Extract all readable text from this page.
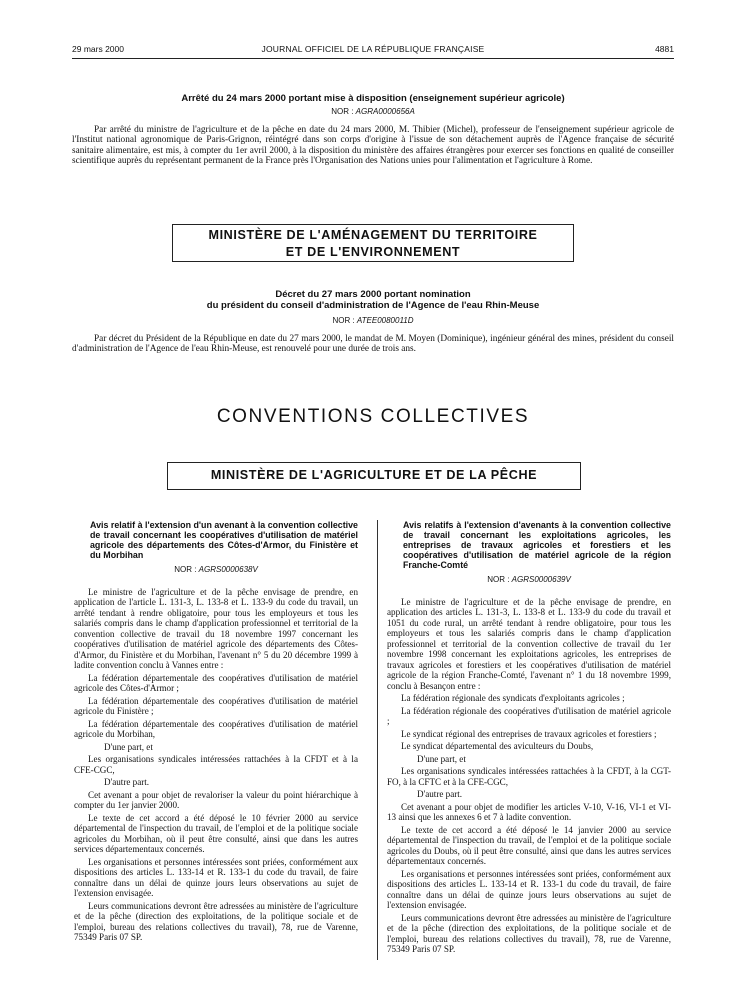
29 mars 2000	JOURNAL OFFICIEL DE LA RÉPUBLIQUE FRANÇAISE	4881
Arrêté du 24 mars 2000 portant mise à disposition (enseignement supérieur agricole)
NOR : AGRA0000656A

Par arrêté du ministre de l'agriculture et de la pêche en date du 24 mars 2000, M. Thibier (Michel), professeur de l'enseignement supérieur agricole de l'Institut national agronomique de Paris-Grignon, réintégré dans son corps d'origine à l'issue de son détachement auprès de l'Agence française de sécurité sanitaire alimentaire, est mis, à compter du 1er avril 2000, à la disposition du ministère des affaires étrangères pour exercer ses fonctions en qualité de conseiller scientifique auprès du représentant permanent de la France près l'Organisation des Nations unies pour l'alimentation et l'agriculture à Rome.

MINISTÈRE DE L'AMÉNAGEMENT DU TERRITOIRE
ET DE L'ENVIRONNEMENT
Décret du 27 mars 2000 portant nomination
du président du conseil d'administration de l'Agence de l'eau Rhin-Meuse
NOR : ATEE0080011D

Par décret du Président de la République en date du 27 mars 2000, le mandat de M. Moyen (Dominique), ingénieur général des mines, président du conseil d'administration de l'Agence de l'eau Rhin-Meuse, est renouvelé pour une durée de trois ans.

CONVENTIONS COLLECTIVES
MINISTÈRE DE L'AGRICULTURE ET DE LA PÊCHE
Avis relatif à l'extension d'un avenant à la convention collective de travail concernant les coopératives d'utilisation de matériel agricole des départements des Côtes-d'Armor, du Finistère et du Morbihan
NOR : AGRS0000638V

Le ministre de l'agriculture et de la pêche envisage de prendre, en application de l'article L. 131-3, L. 133-8 et L. 133-9 du code du travail, un arrêté tendant à rendre obligatoire, pour tous les employeurs et tous les salariés compris dans le champ d'application professionnel et territorial de la convention collective de travail du 18 novembre 1997 concernant les coopératives d'utilisation de matériel agricole des départements des Côtes-d'Armor, du Finistère et du Morbihan, l'avenant n° 5 du 20 décembre 1999 à ladite convention conclu à Vannes entre :

La fédération départementale des coopératives d'utilisation de matériel agricole des Côtes-d'Armor ;

La fédération départementale des coopératives d'utilisation de matériel agricole du Finistère ;

La fédération départementale des coopératives d'utilisation de matériel agricole du Morbihan,

D'une part, et

Les organisations syndicales intéressées rattachées à la CFDT et à la CFE-CGC,

D'autre part.

Cet avenant a pour objet de revaloriser la valeur du point hiérarchique à compter du 1er janvier 2000.

Le texte de cet accord a été déposé le 10 février 2000 au service départemental de l'inspection du travail, de l'emploi et de la politique sociale agricoles du Morbihan, où il peut être consulté, ainsi que dans les autres services départementaux concernés.

Les organisations et personnes intéressées sont priées, conformément aux dispositions des articles L. 133-14 et R. 133-1 du code du travail, de faire connaître dans un délai de quinze jours leurs observations au sujet de l'extension envisagée.

Leurs communications devront être adressées au ministère de l'agriculture et de la pêche (direction des exploitations, de la politique sociale et de l'emploi, bureau des relations collectives du travail), 78, rue de Varenne, 75349 Paris 07 SP.

Avis relatifs à l'extension d'avenants à la convention collective de travail concernant les exploitations agricoles, les entreprises de travaux agricoles et forestiers et les coopératives d'utilisation de matériel agricole de la région Franche-Comté
NOR : AGRS0000639V

Le ministre de l'agriculture et de la pêche envisage de prendre, en application des articles L. 131-3, L. 133-8 et L. 133-9 du code du travail et 1051 du code rural, un arrêté tendant à rendre obligatoire, pour tous les employeurs et tous les salariés compris dans le champ d'application professionnel et territorial de la convention collective de travail du 1er novembre 1998 concernant les exploitations agricoles, les entreprises de travaux agricoles et forestiers et les coopératives d'utilisation de matériel agricole de la région Franche-Comté, l'avenant n° 1 du 18 novembre 1999, conclu à Besançon entre :

La fédération régionale des syndicats d'exploitants agricoles ;

La fédération régionale des coopératives d'utilisation de matériel agricole ;

Le syndicat régional des entreprises de travaux agricoles et forestiers ;

Le syndicat départemental des aviculteurs du Doubs,

D'une part, et

Les organisations syndicales intéressées rattachées à la CFDT, à la CGT-FO, à la CFTC et à la CFE-CGC,

D'autre part.

Cet avenant a pour objet de modifier les articles V-10, V-16, VI-1 et VI-13 ainsi que les annexes 6 et 7 à ladite convention.

Le texte de cet accord a été déposé le 14 janvier 2000 au service départemental de l'inspection du travail, de l'emploi et de la politique sociale agricoles du Doubs, où il peut être consulté, ainsi que dans les autres services départementaux concernés.

Les organisations et personnes intéressées sont priées, conformément aux dispositions des articles L. 133-14 et R. 133-1 du code du travail, de faire connaître dans un délai de quinze jours leurs observations au sujet de l'extension envisagée.

Leurs communications devront être adressées au ministère de l'agriculture et de la pêche (direction des exploitations, de la politique sociale et de l'emploi, bureau des relations collectives du travail), 78, rue de Varenne, 75349 Paris 07 SP.
